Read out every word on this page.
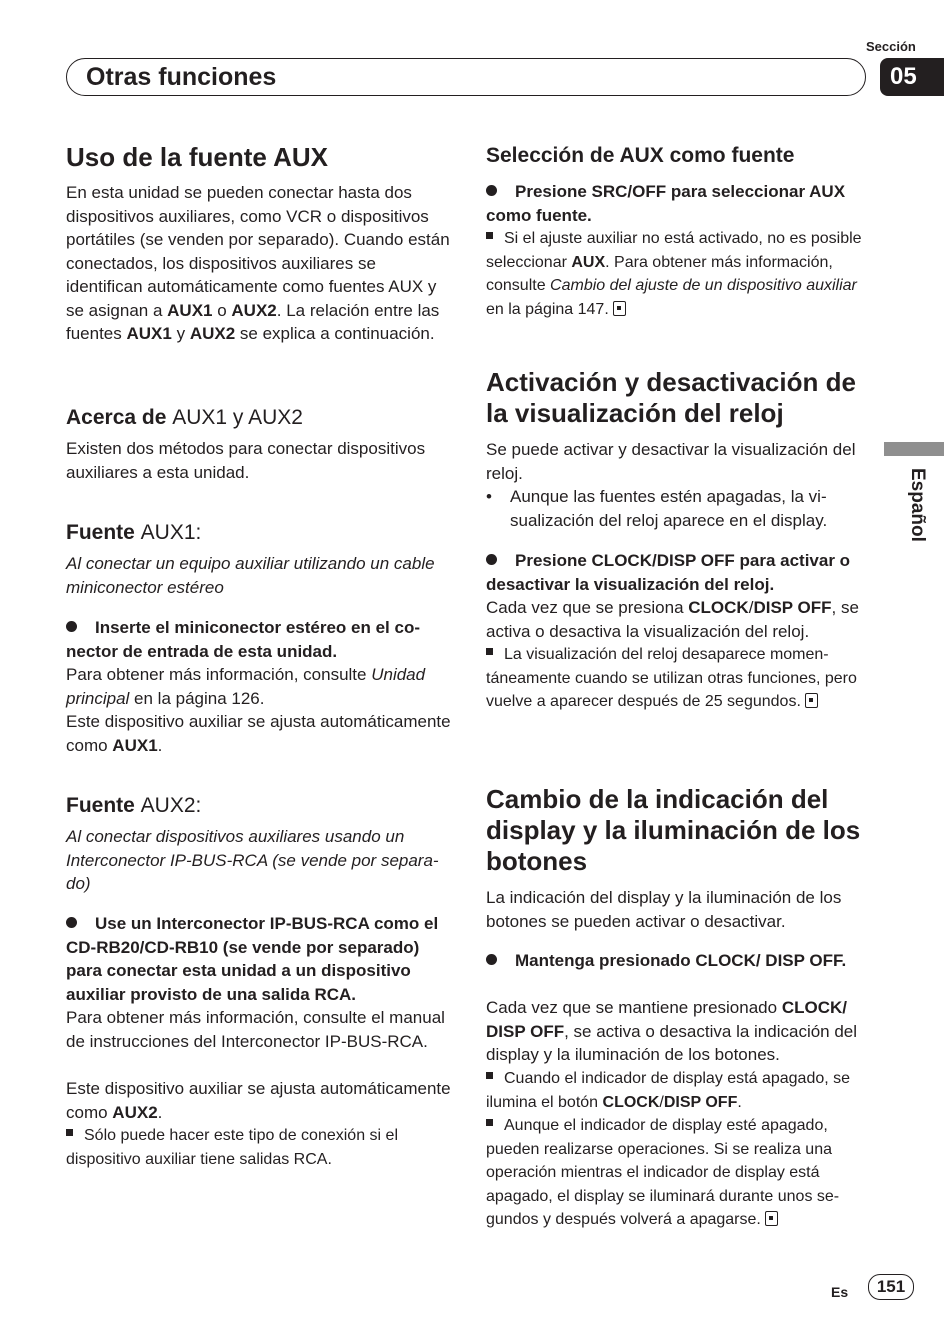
Sección
Otras funciones	05
Español
Uso de la fuente AUX

En esta unidad se pueden conectar hasta dos dispositivos auxiliares, como VCR o dispositivos portátiles (se venden por separado). Cuando están conectados, los dispositivos auxiliares se identifican automáticamente como fuentes AUX y se asignan a AUX1 o AUX2. La relación entre las fuentes AUX1 y AUX2 se explica a continuación.

Acerca de AUX1 y AUX2

Existen dos métodos para conectar dispositivos auxiliares a esta unidad.

Fuente AUX1:

Al conectar un equipo auxiliar utilizando un cable miniconector estéreo

Inserte el miniconector estéreo en el conector de entrada de esta unidad.

Para obtener más información, consulte Unidad principal en la página 126.

Este dispositivo auxiliar se ajusta automáticamente como AUX1.

Fuente AUX2:

Al conectar dispositivos auxiliares usando un Interconector IP-BUS-RCA (se vende por separado)

Use un Interconector IP-BUS-RCA como el CD-RB20/CD-RB10 (se vende por separado) para conectar esta unidad a un dispositivo auxiliar provisto de una salida RCA.

Para obtener más información, consulte el manual de instrucciones del Interconector IP-BUS-RCA.

Este dispositivo auxiliar se ajusta automáticamente como AUX2.

Sólo puede hacer este tipo de conexión si el dispositivo auxiliar tiene salidas RCA.

Selección de AUX como fuente

Presione SRC/OFF para seleccionar AUX como fuente.

Si el ajuste auxiliar no está activado, no es posible seleccionar AUX. Para obtener más información, consulte Cambio del ajuste de un dispositivo auxiliar en la página 147.

Activación y desactivación de la visualización del reloj

Se puede activar y desactivar la visualización del reloj.

• Aunque las fuentes estén apagadas, la visualización del reloj aparece en el display.

Presione CLOCK/DISP OFF para activar o desactivar la visualización del reloj.

Cada vez que se presiona CLOCK/DISP OFF, se activa o desactiva la visualización del reloj.

La visualización del reloj desaparece momentáneamente cuando se utilizan otras funciones, pero vuelve a aparecer después de 25 segundos.

Cambio de la indicación del display y la iluminación de los botones

La indicación del display y la iluminación de los botones se pueden activar o desactivar.

Mantenga presionado CLOCK/ DISP OFF.

Cada vez que se mantiene presionado CLOCK/ DISP OFF, se activa o desactiva la indicación del display y la iluminación de los botones.

Cuando el indicador de display está apagado, se ilumina el botón CLOCK/DISP OFF.

Aunque el indicador de display esté apagado, pueden realizarse operaciones. Si se realiza una operación mientras el indicador de display está apagado, el display se iluminará durante unos segundos y después volverá a apagarse.

Es	151
